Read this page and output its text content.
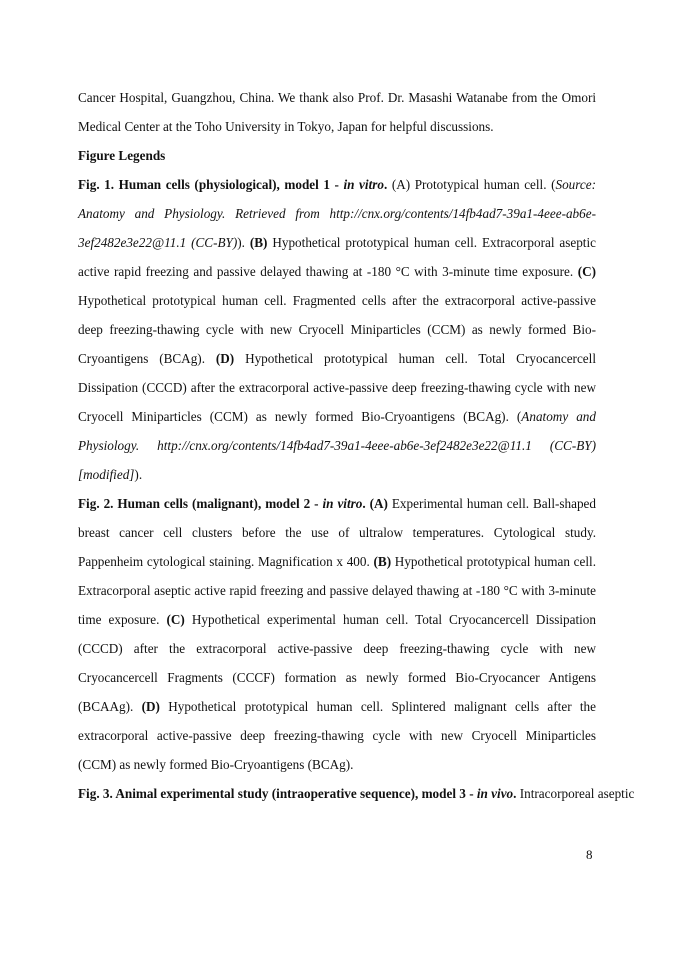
Cancer Hospital, Guangzhou, China. We thank also Prof. Dr. Masashi Watanabe from the Omori
Medical Center at the Toho University in Tokyo, Japan for helpful discussions.
Figure Legends
Fig. 1. Human cells (physiological), model 1 - in vitro. (A) Prototypical human cell. (Source:
Anatomy and Physiology. Retrieved from http://cnx.org/contents/14fb4ad7-39a1-4eee-ab6e-
3ef2482e3e22@11.1 (CC-BY)). (B) Hypothetical prototypical human cell. Extracorporal aseptic
active rapid freezing and passive delayed thawing at -180 °C with 3-minute time exposure. (C)
Hypothetical prototypical human cell. Fragmented cells after the extracorporal active-passive
deep freezing-thawing cycle with new Cryocell Miniparticles (CCM) as newly formed Bio-
Cryoantigens (BCAg). (D) Hypothetical prototypical human cell. Total Cryocancercell
Dissipation (CCCD) after the extracorporal active-passive deep freezing-thawing cycle with new
Cryocell Miniparticles (CCM) as newly formed Bio-Cryoantigens (BCAg). (Anatomy and
Physiology. http://cnx.org/contents/14fb4ad7-39a1-4eee-ab6e-3ef2482e3e22@11.1 (CC-BY)
[modified]).
Fig. 2. Human cells (malignant), model 2 - in vitro. (A) Experimental human cell. Ball-shaped
breast cancer cell clusters before the use of ultralow temperatures. Cytological study.
Pappenheim cytological staining. Magnification x 400. (B) Hypothetical prototypical human cell.
Extracorporal aseptic active rapid freezing and passive delayed thawing at -180 °C with 3-minute
time exposure. (C) Hypothetical experimental human cell. Total Cryocancercell Dissipation
(CCCD) after the extracorporal active-passive deep freezing-thawing cycle with new
Cryocancercell Fragments (CCCF) formation as newly formed Bio-Cryocancer Antigens
(BCAAg). (D) Hypothetical prototypical human cell. Splintered malignant cells after the
extracorporal active-passive deep freezing-thawing cycle with new Cryocell Miniparticles
(CCM) as newly formed Bio-Cryoantigens (BCAg).
Fig. 3. Animal experimental study (intraoperative sequence), model 3 - in vivo. Intracorporeal aseptic
8
